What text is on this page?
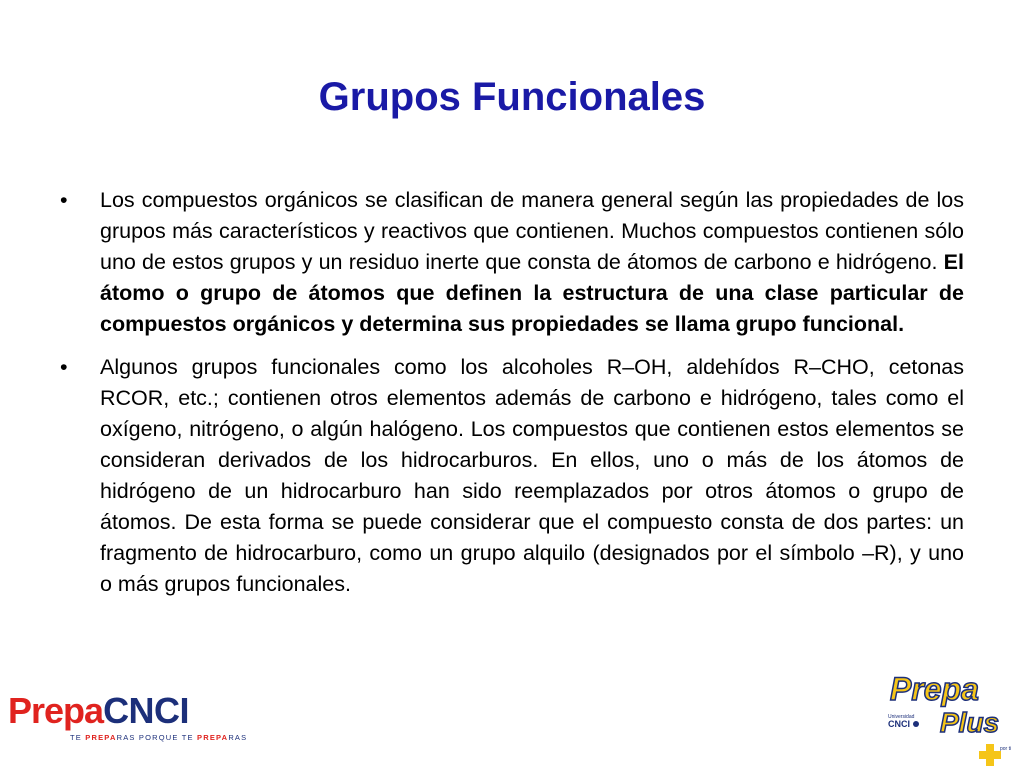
Grupos Funcionales
• Los compuestos orgánicos se clasifican de manera general según las propiedades de los grupos más característicos y reactivos que contienen. Muchos compuestos contienen sólo uno de estos grupos y un residuo inerte que consta de átomos de carbono e hidrógeno. El átomo o grupo de átomos que definen la estructura de una clase particular de compuestos orgánicos y determina sus propiedades se llama grupo funcional.
• Algunos grupos funcionales como los alcoholes R–OH, aldehídos R–CHO, cetonas RCOR, etc.; contienen otros elementos además de carbono e hidrógeno, tales como el oxígeno, nitrógeno, o algún halógeno. Los compuestos que contienen estos elementos se consideran derivados de los hidrocarburos. En ellos, uno o más de los átomos de hidrógeno de un hidrocarburo han sido reemplazados por otros átomos o grupo de átomos. De esta forma se puede considerar que el compuesto consta de dos partes: un fragmento de hidrocarburo, como un grupo alquilo (designados por el símbolo –R), y uno o más grupos funcionales.
Prepa CNCI
TE PREPARAS PORQUE TE PREPARAS
Prepa
Plus
Universidad
CNCI
por ti
